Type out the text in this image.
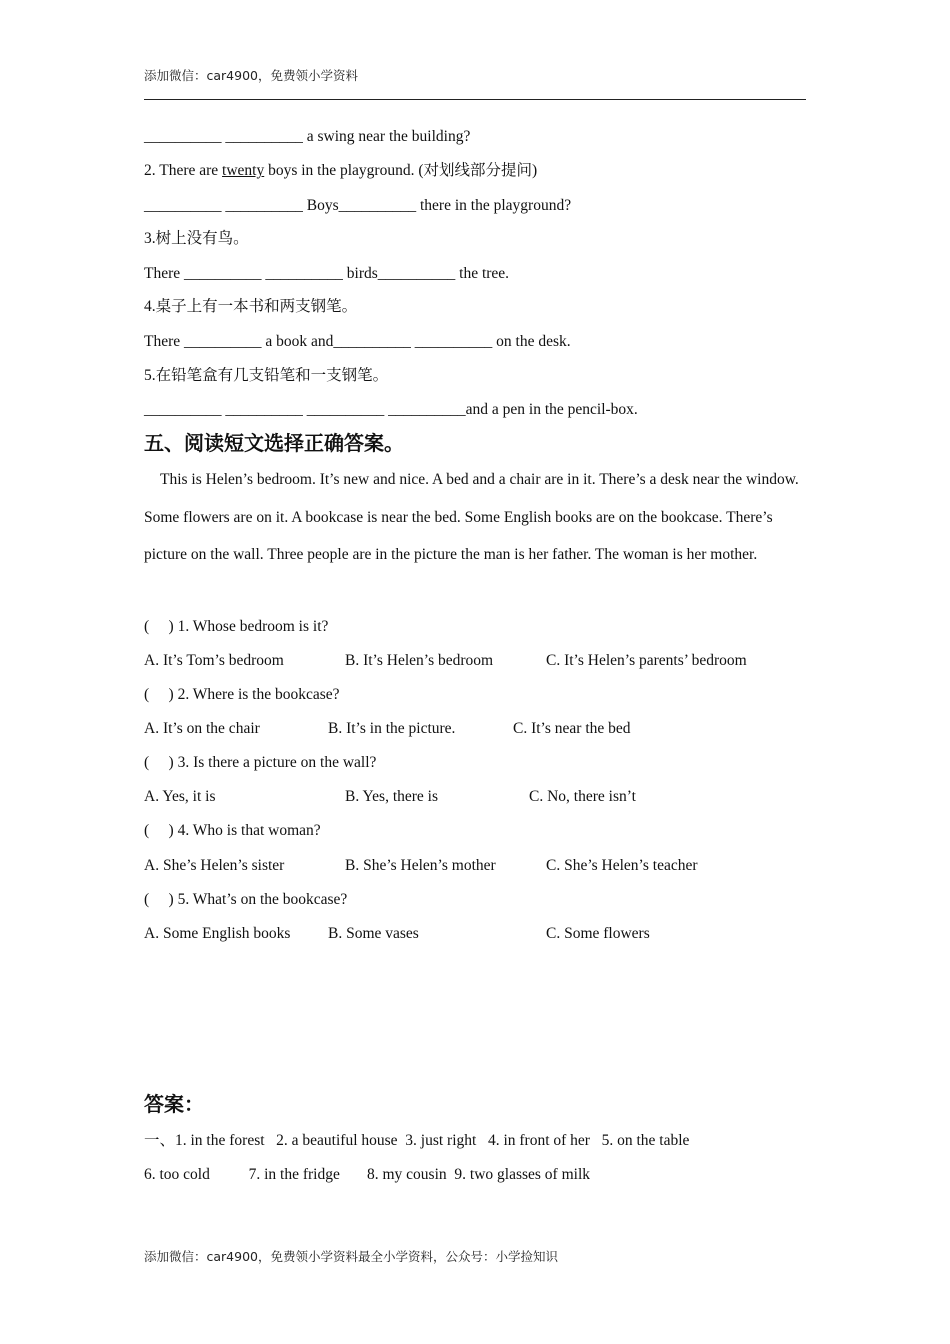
添加微信：car4900，免费领小学资料
__________ __________ a swing near the building?
2. There are twenty boys in the playground. (对划线部分提问)
__________ __________ Boys__________ there in the playground?
3.树上没有鸟。
There __________ __________ birds__________ the tree.
4.桌子上有一本书和两支钢笔。
There __________ a book and__________ __________ on the desk.
5.在铅笔盒有几支铅笔和一支钢笔。
__________ __________ __________ __________and a pen in the pencil-box.
五、阅读短文选择正确答案。
This is Helen’s bedroom. It’s new and nice. A bed and a chair are in it. There’s a desk near the window. Some flowers are on it. A bookcase is near the bed. Some English books are on the bookcase. There’s picture on the wall. Three people are in the picture the man is her father. The woman is her mother.
(     ) 1. Whose bedroom is it?
A. It’s Tom’s bedroom	B. It’s Helen’s bedroom	C. It’s Helen’s parents’ bedroom
(     ) 2. Where is the bookcase?
A. It’s on the chair	B. It’s in the picture.	C. It’s near the bed
(     ) 3. Is there a picture on the wall?
A. Yes, it is	B. Yes, there is	C. No, there isn’t
(     ) 4. Who is that woman?
A. She’s Helen’s sister	B. She’s Helen’s mother	C. She’s Helen’s teacher
(     ) 5. What’s on the bookcase?
A. Some English books B. Some vases	C. Some flowers
答案：
一、1. in the forest   2. a beautiful house  3. just right   4. in front of her   5. on the table
6. too cold          7. in the fridge       8. my cousin  9. two glasses of milk
添加微信：car4900，免费领小学资料最全小学资料，公众号：小学捡知识
